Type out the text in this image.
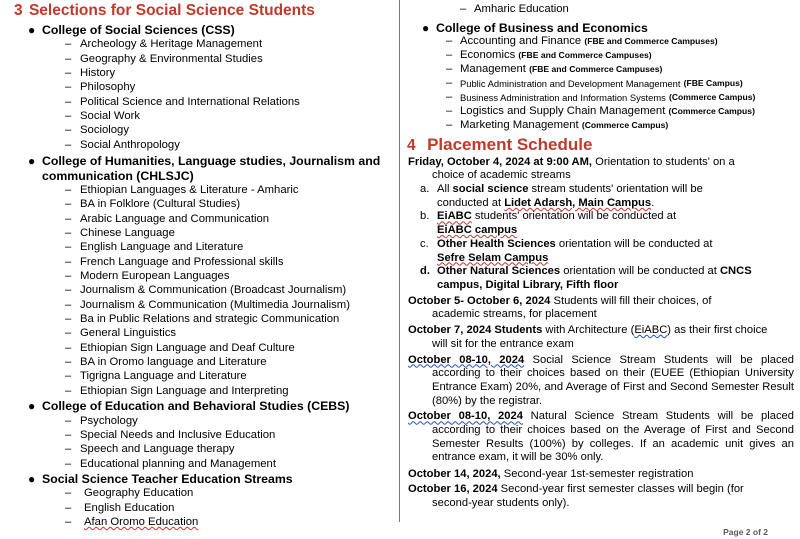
3 Selections for Social Science Students
● College of Social Sciences (CSS)
– Archeology & Heritage Management
– Geography & Environmental Studies
– History
– Philosophy
– Political Science and International Relations
– Social Work
– Sociology
– Social Anthropology
● College of Humanities, Language studies, Journalism and communication (CHLSJC)
– Ethiopian Languages & Literature - Amharic
– BA in Folklore (Cultural Studies)
– Arabic Language and Communication
– Chinese Language
– English Language and Literature
– French Language and Professional skills
– Modern European Languages
– Journalism & Communication (Broadcast Journalism)
– Journalism & Communication (Multimedia Journalism)
– Ba in Public Relations and strategic Communication
– General Linguistics
– Ethiopian Sign Language and Deaf Culture
– BA in Oromo language and Literature
– Tigrigna Language and Literature
– Ethiopian Sign Language and Interpreting
● College of Education and Behavioral Studies (CEBS)
– Psychology
– Special Needs and Inclusive Education
– Speech and Language therapy
– Educational planning and Management
● Social Science Teacher Education Streams
–	Geography Education
–	English Education
–	Afan Oromo Education
– Amharic Education
● College of Business and Economics
– Accounting and Finance
(FBE and Commerce Campuses)
– Economics
(FBE and Commerce Campuses)
– Management
(FBE and Commerce Campuses)
– Public Administration and Development Management
(FBE Campus)
– Business Administration and Information Systems
(Commerce Campus)
– Logistics and Supply Chain Management
(Commerce Campus)
– Marketing Management
(Commerce Campus)
4 Placement Schedule
Friday, October 4, 2024 at 9:00 AM, Orientation to students' on a
choice of academic streams
a. All social science stream students' orientation will be
conducted at Lidet Adarsh, Main Campus.
b. EiABC students' orientation will be conducted at
EiABC campus
c. Other Health Sciences orientation will be conducted at
Sefre Selam Campus
d. Other Natural Sciences orientation will be conducted at CNCS
campus, Digital Library, Fifth floor
October 5- October 6, 2024 Students will fill their choices, of
academic streams, for placement
October 7, 2024 Students with Architecture (EiABC) as their first choice
will sit for the entrance exam
October 08-10, 2024 Social Science Stream Students will be placed according to their choices based on their (EUEE (Ethiopian University Entrance Exam) 20%, and Average of First and Second Semester Result (80%) by the registrar.
October 08-10, 2024 Natural Science Stream Students will be placed according to their choices based on the Average of First and Second Semester Results (100%) by colleges. If an academic unit gives an entrance exam, it will be 30% only.
October 14, 2024, Second-year 1st-semester registration
October 16, 2024 Second-year first semester classes will begin (for
second-year students only).
Page 2 of 2
